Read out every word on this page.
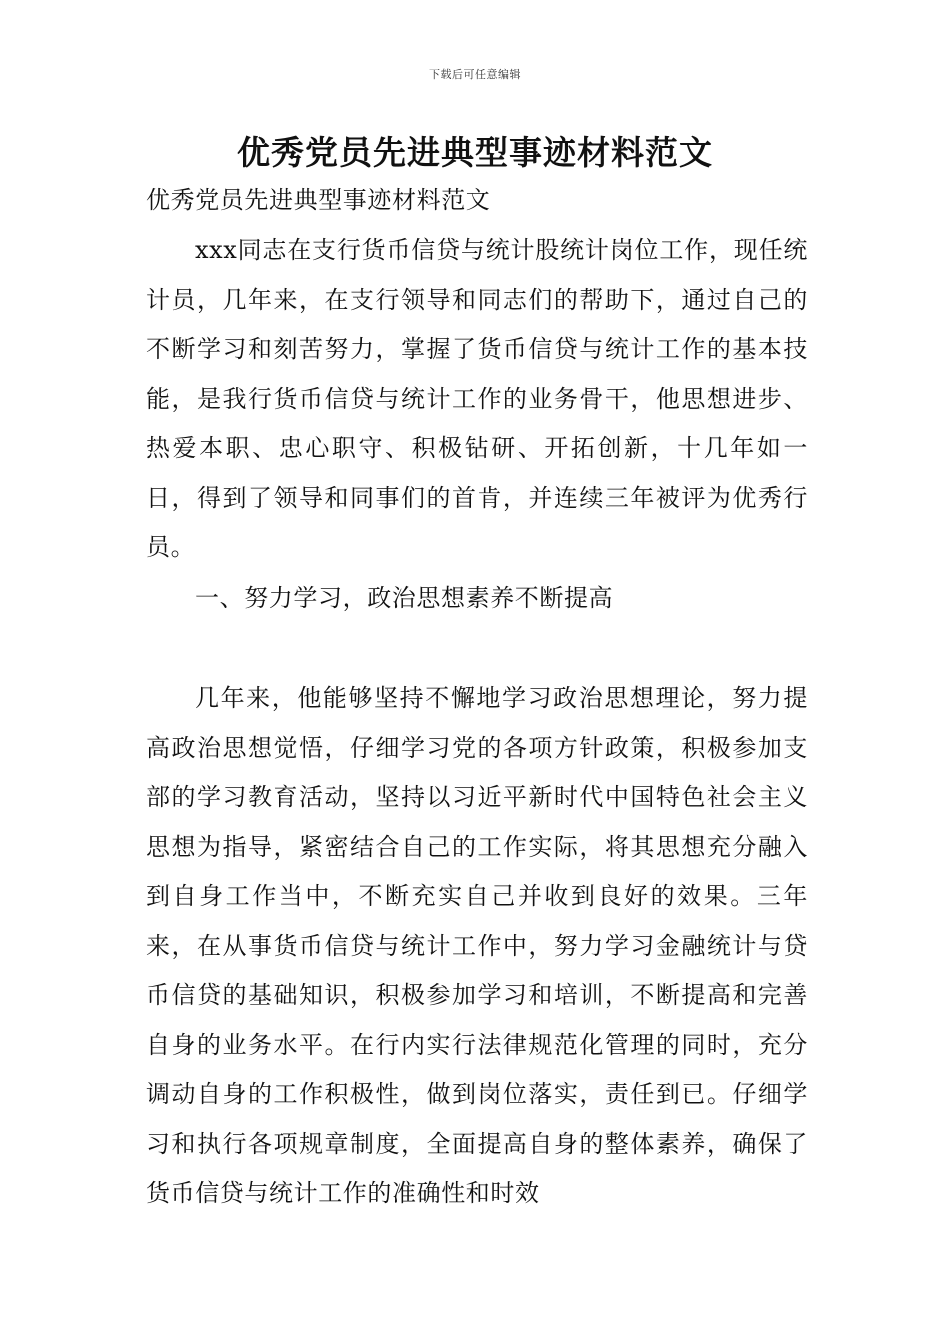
下载后可任意编辑
优秀党员先进典型事迹材料范文
优秀党员先进典型事迹材料范文
xxx同志在支行货币信贷与统计股统计岗位工作，现任统计员，几年来，在支行领导和同志们的帮助下，通过自己的不断学习和刻苦努力，掌握了货币信贷与统计工作的基本技能，是我行货币信贷与统计工作的业务骨干，他思想进步、热爱本职、忠心职守、积极钻研、开拓创新，十几年如一日，得到了领导和同事们的首肯，并连续三年被评为优秀行员。
一、努力学习，政治思想素养不断提高
几年来，他能够坚持不懈地学习政治思想理论，努力提高政治思想觉悟，仔细学习党的各项方针政策，积极参加支部的学习教育活动，坚持以习近平新时代中国特色社会主义思想为指导，紧密结合自己的工作实际，将其思想充分融入到自身工作当中，不断充实自己并收到良好的效果。三年来，在从事货币信贷与统计工作中，努力学习金融统计与贷币信贷的基础知识，积极参加学习和培训，不断提高和完善自身的业务水平。在行内实行法律规范化管理的同时，充分调动自身的工作积极性，做到岗位落实，责任到已。仔细学习和执行各项规章制度，全面提高自身的整体素养，确保了货币信贷与统计工作的准确性和时效
